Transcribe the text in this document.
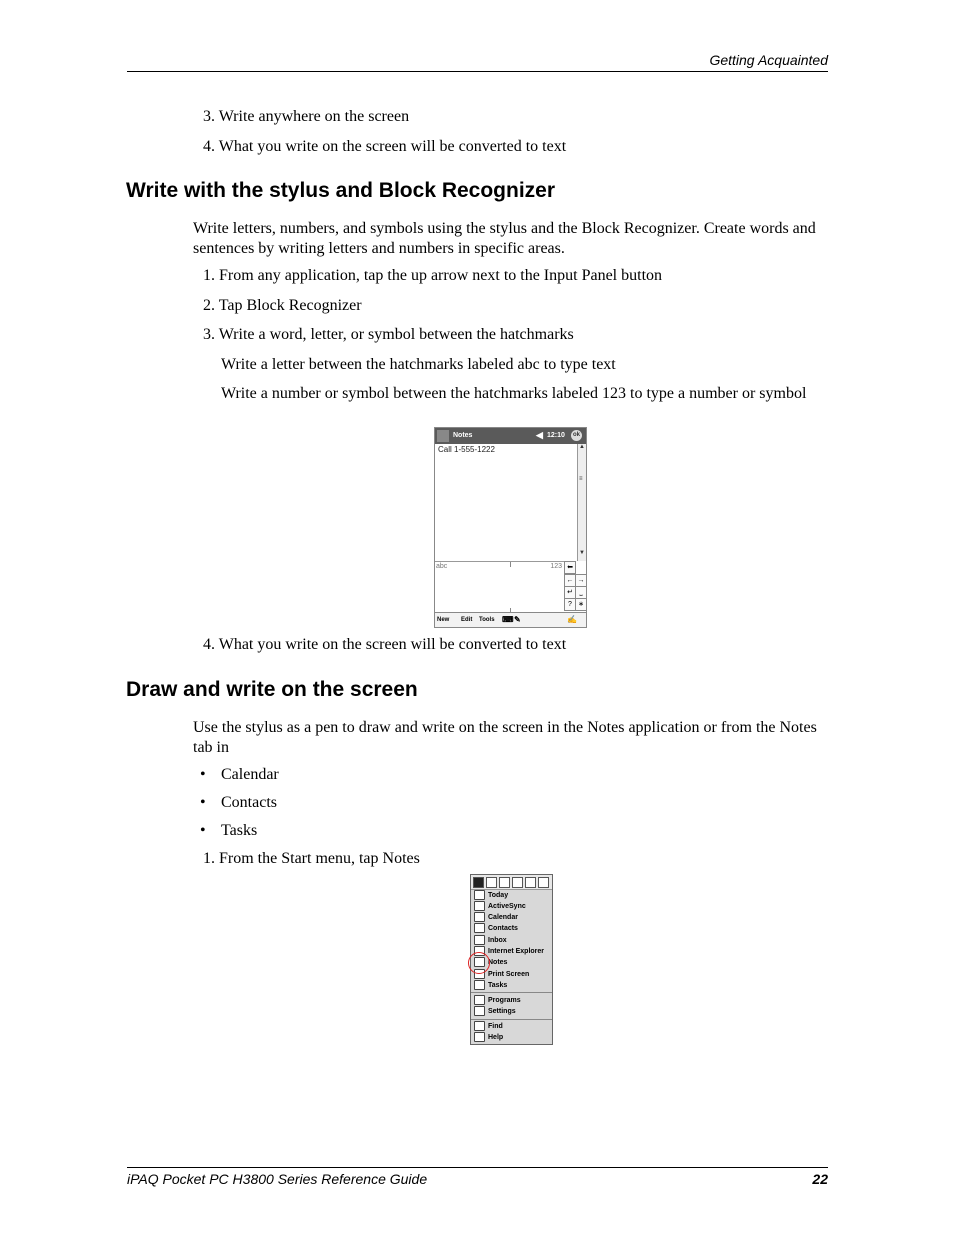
Getting Acquainted
3. Write anywhere on the screen
4. What you write on the screen will be converted to text
Write with the stylus and Block Recognizer
Write letters, numbers, and symbols using the stylus and the Block Recognizer. Create words and sentences by writing letters and numbers in specific areas.
1. From any application, tap the up arrow next to the Input Panel button
2. Tap Block Recognizer
3. Write a word, letter, or symbol between the hatchmarks
Write a letter between the hatchmarks labeled abc to type text
Write a number or symbol between the hatchmarks labeled 123 to type a number or symbol
Notes	◀ 12:10	ok
Call 1-555-1222	▲
≡
▼
abc	123 ⬅
← →
↵ ⎵
? ∗
New Edit Tools ⌨ ✎	✍
4. What you write on the screen will be converted to text
Draw and write on the screen
Use the stylus as a pen to draw and write on the screen in the Notes application or from the Notes tab in
• Calendar
• Contacts
• Tasks
1. From the Start menu, tap Notes
Today
ActiveSync
Calendar
Contacts
Inbox
Internet Explorer
Notes
Print Screen
Tasks
Programs
Settings
Find
Help
iPAQ Pocket PC H3800 Series Reference Guide	22
